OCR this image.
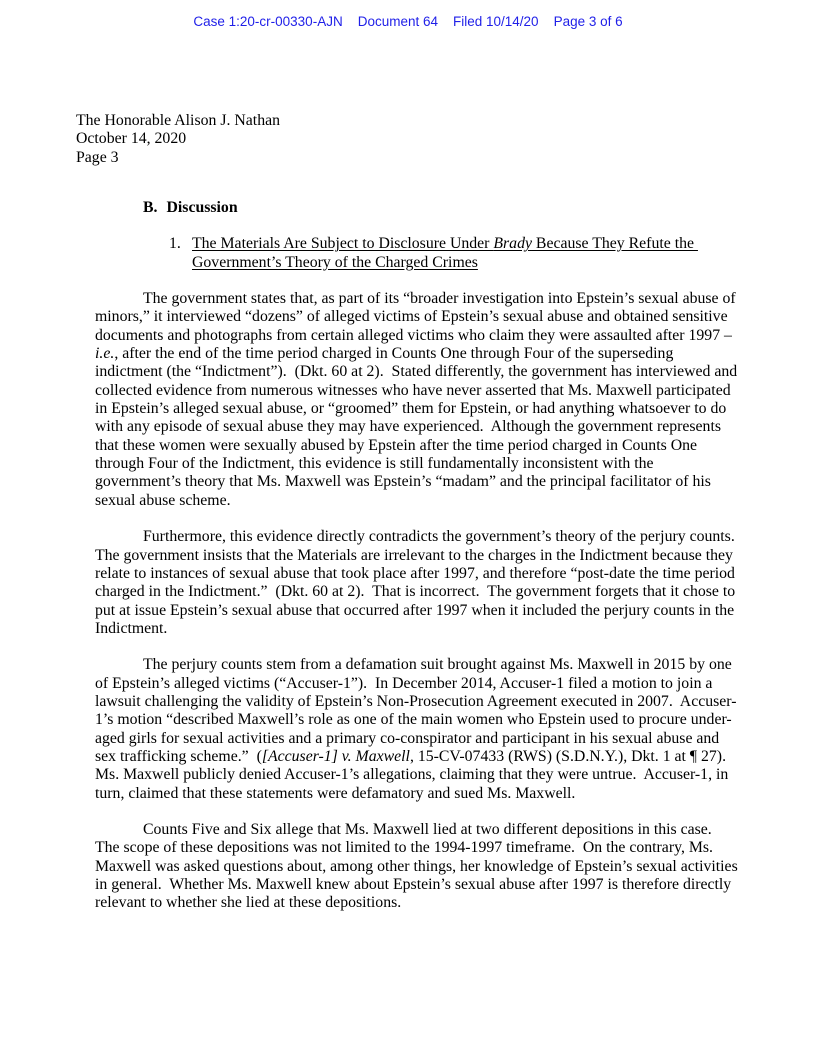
Case 1:20-cr-00330-AJN Document 64 Filed 10/14/20 Page 3 of 6
The Honorable Alison J. Nathan
October 14, 2020
Page 3
B. Discussion
1. The Materials Are Subject to Disclosure Under Brady Because They Refute the Government’s Theory of the Charged Crimes

The government states that, as part of its “broader investigation into Epstein’s sexual abuse of minors,” it interviewed “dozens” of alleged victims of Epstein’s sexual abuse and obtained sensitive documents and photographs from certain alleged victims who claim they were assaulted after 1997 – i.e., after the end of the time period charged in Counts One through Four of the superseding indictment (the “Indictment”).  (Dkt. 60 at 2).  Stated differently, the government has interviewed and collected evidence from numerous witnesses who have never asserted that Ms. Maxwell participated in Epstein’s alleged sexual abuse, or “groomed” them for Epstein, or had anything whatsoever to do with any episode of sexual abuse they may have experienced.  Although the government represents that these women were sexually abused by Epstein after the time period charged in Counts One through Four of the Indictment, this evidence is still fundamentally inconsistent with the government’s theory that Ms. Maxwell was Epstein’s “madam” and the principal facilitator of his sexual abuse scheme.

Furthermore, this evidence directly contradicts the government’s theory of the perjury counts.  The government insists that the Materials are irrelevant to the charges in the Indictment because they relate to instances of sexual abuse that took place after 1997, and therefore “post-date the time period charged in the Indictment.”  (Dkt. 60 at 2).  That is incorrect.  The government forgets that it chose to put at issue Epstein’s sexual abuse that occurred after 1997 when it included the perjury counts in the Indictment.

The perjury counts stem from a defamation suit brought against Ms. Maxwell in 2015 by one of Epstein’s alleged victims (“Accuser-1”).  In December 2014, Accuser-1 filed a motion to join a lawsuit challenging the validity of Epstein’s Non-Prosecution Agreement executed in 2007.  Accuser-1’s motion “described Maxwell’s role as one of the main women who Epstein used to procure under-aged girls for sexual activities and a primary co-conspirator and participant in his sexual abuse and sex trafficking scheme.”  ([Accuser-1] v. Maxwell, 15-CV-07433 (RWS) (S.D.N.Y.), Dkt. 1 at ¶ 27).  Ms. Maxwell publicly denied Accuser-1’s allegations, claiming that they were untrue.  Accuser-1, in turn, claimed that these statements were defamatory and sued Ms. Maxwell.

Counts Five and Six allege that Ms. Maxwell lied at two different depositions in this case.  The scope of these depositions was not limited to the 1994-1997 timeframe.  On the contrary, Ms. Maxwell was asked questions about, among other things, her knowledge of Epstein’s sexual activities in general.  Whether Ms. Maxwell knew about Epstein’s sexual abuse after 1997 is therefore directly relevant to whether she lied at these depositions.
